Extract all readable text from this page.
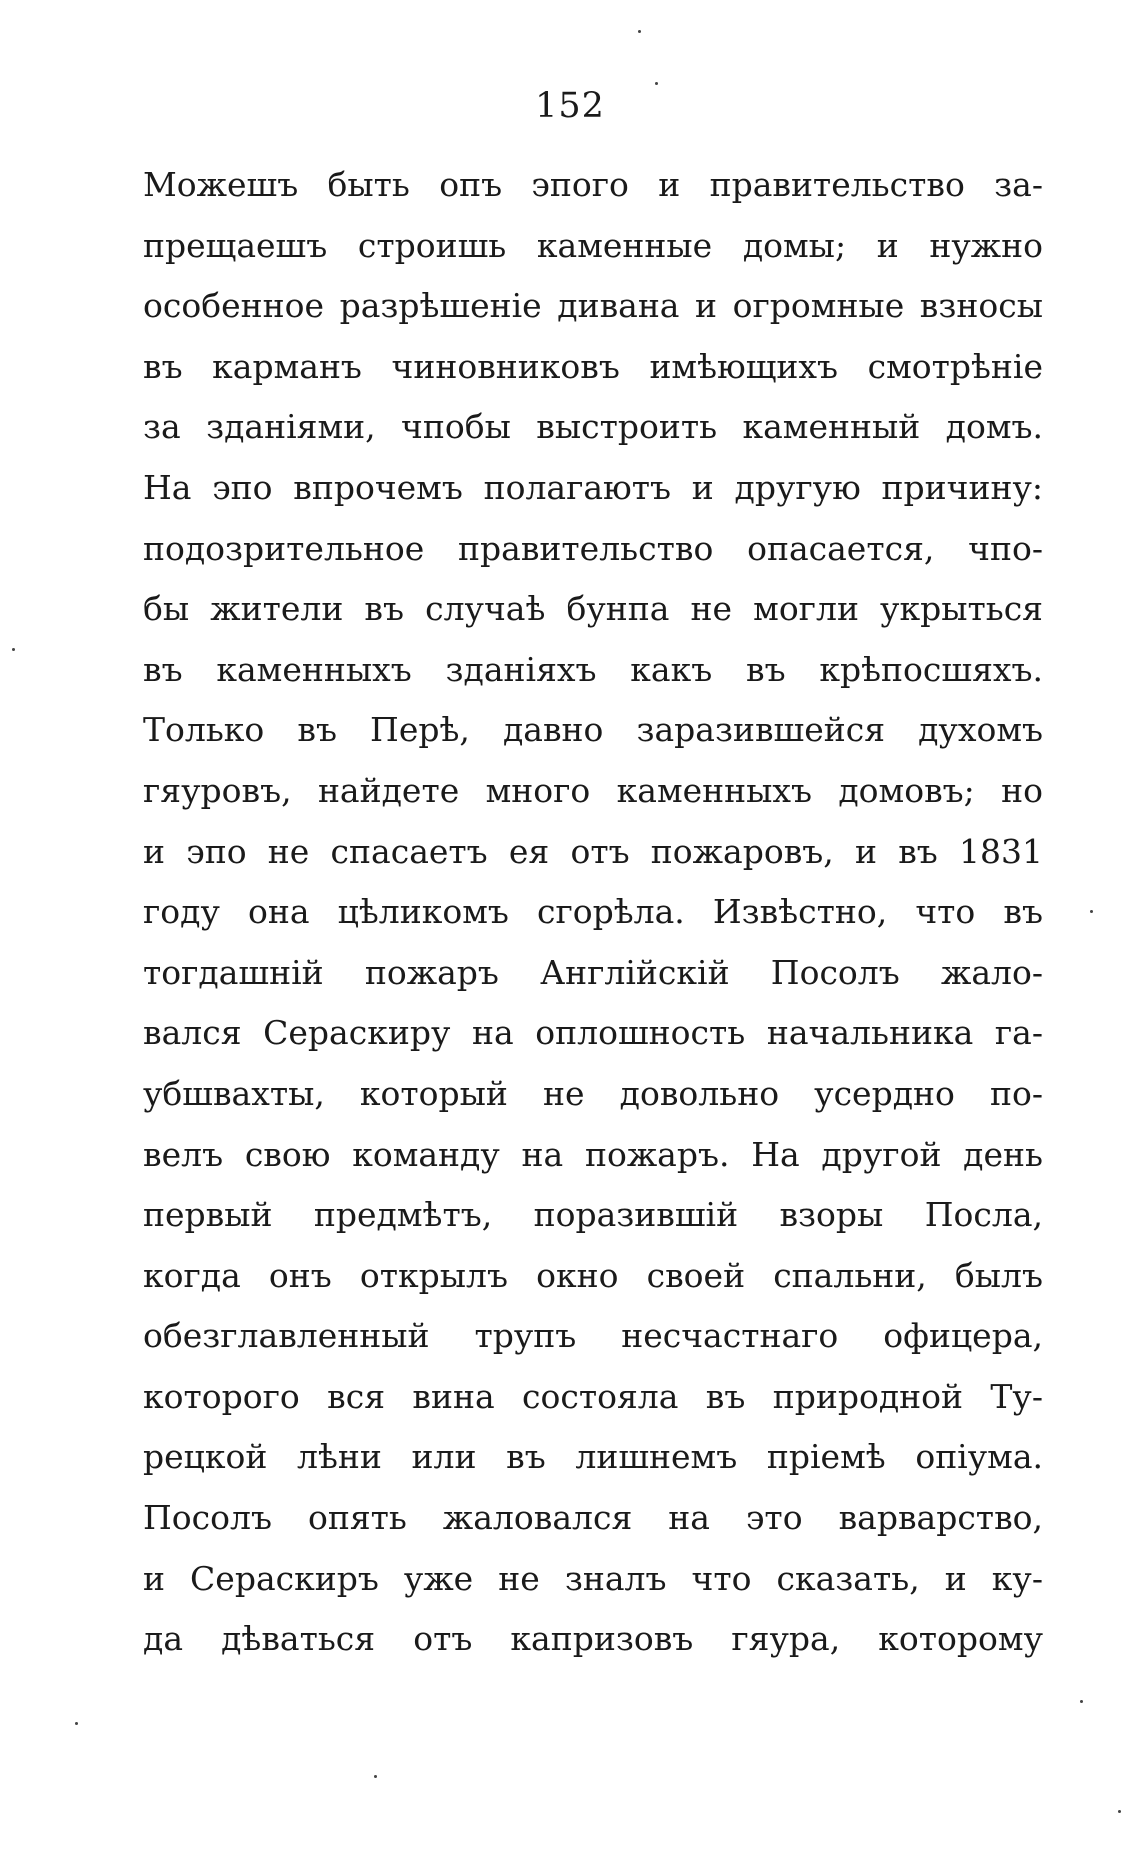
152
Можешъ быть опъ эпого и правительство за-
прещаешъ строишь каменные домы; и нужно
особенное разрѣшеніе дивана и огромные взносы
въ карманъ чиновниковъ имѣющихъ смотрѣніе
за зданіями, чпобы выстроить каменный домъ.
На эпо впрочемъ полагаютъ и другую причину:
подозрительное правительство опасается, чпо-
бы жители въ случаѣ бунпа не могли укрыться
въ каменныхъ зданіяхъ какъ въ крѣпосшяхъ.
Только въ Перѣ, давно заразившейся духомъ
гяуровъ, найдете много каменныхъ домовъ; но
и эпо не спасаетъ ея отъ пожаровъ, и въ 1831
году она цѣликомъ сгорѣла. Извѣстно, что въ
тогдашній пожаръ Англійскій Посолъ жало-
вался Сераскиру на оплошность начальника га-
убшвахты, который не довольно усердно по-
велъ свою команду на пожаръ. На другой день
первый предмѣтъ, поразившій взоры Посла,
когда онъ открылъ окно своей спальни, былъ
обезглавленный трупъ несчастнаго офицера,
которого вся вина состояла въ природной Ту-
рецкой лѣни или въ лишнемъ пріемѣ опіума.
Посолъ опять жаловался на это варварство,
и Сераскиръ уже не зналъ что сказать, и ку-
да дѣваться отъ капризовъ гяура, которому
